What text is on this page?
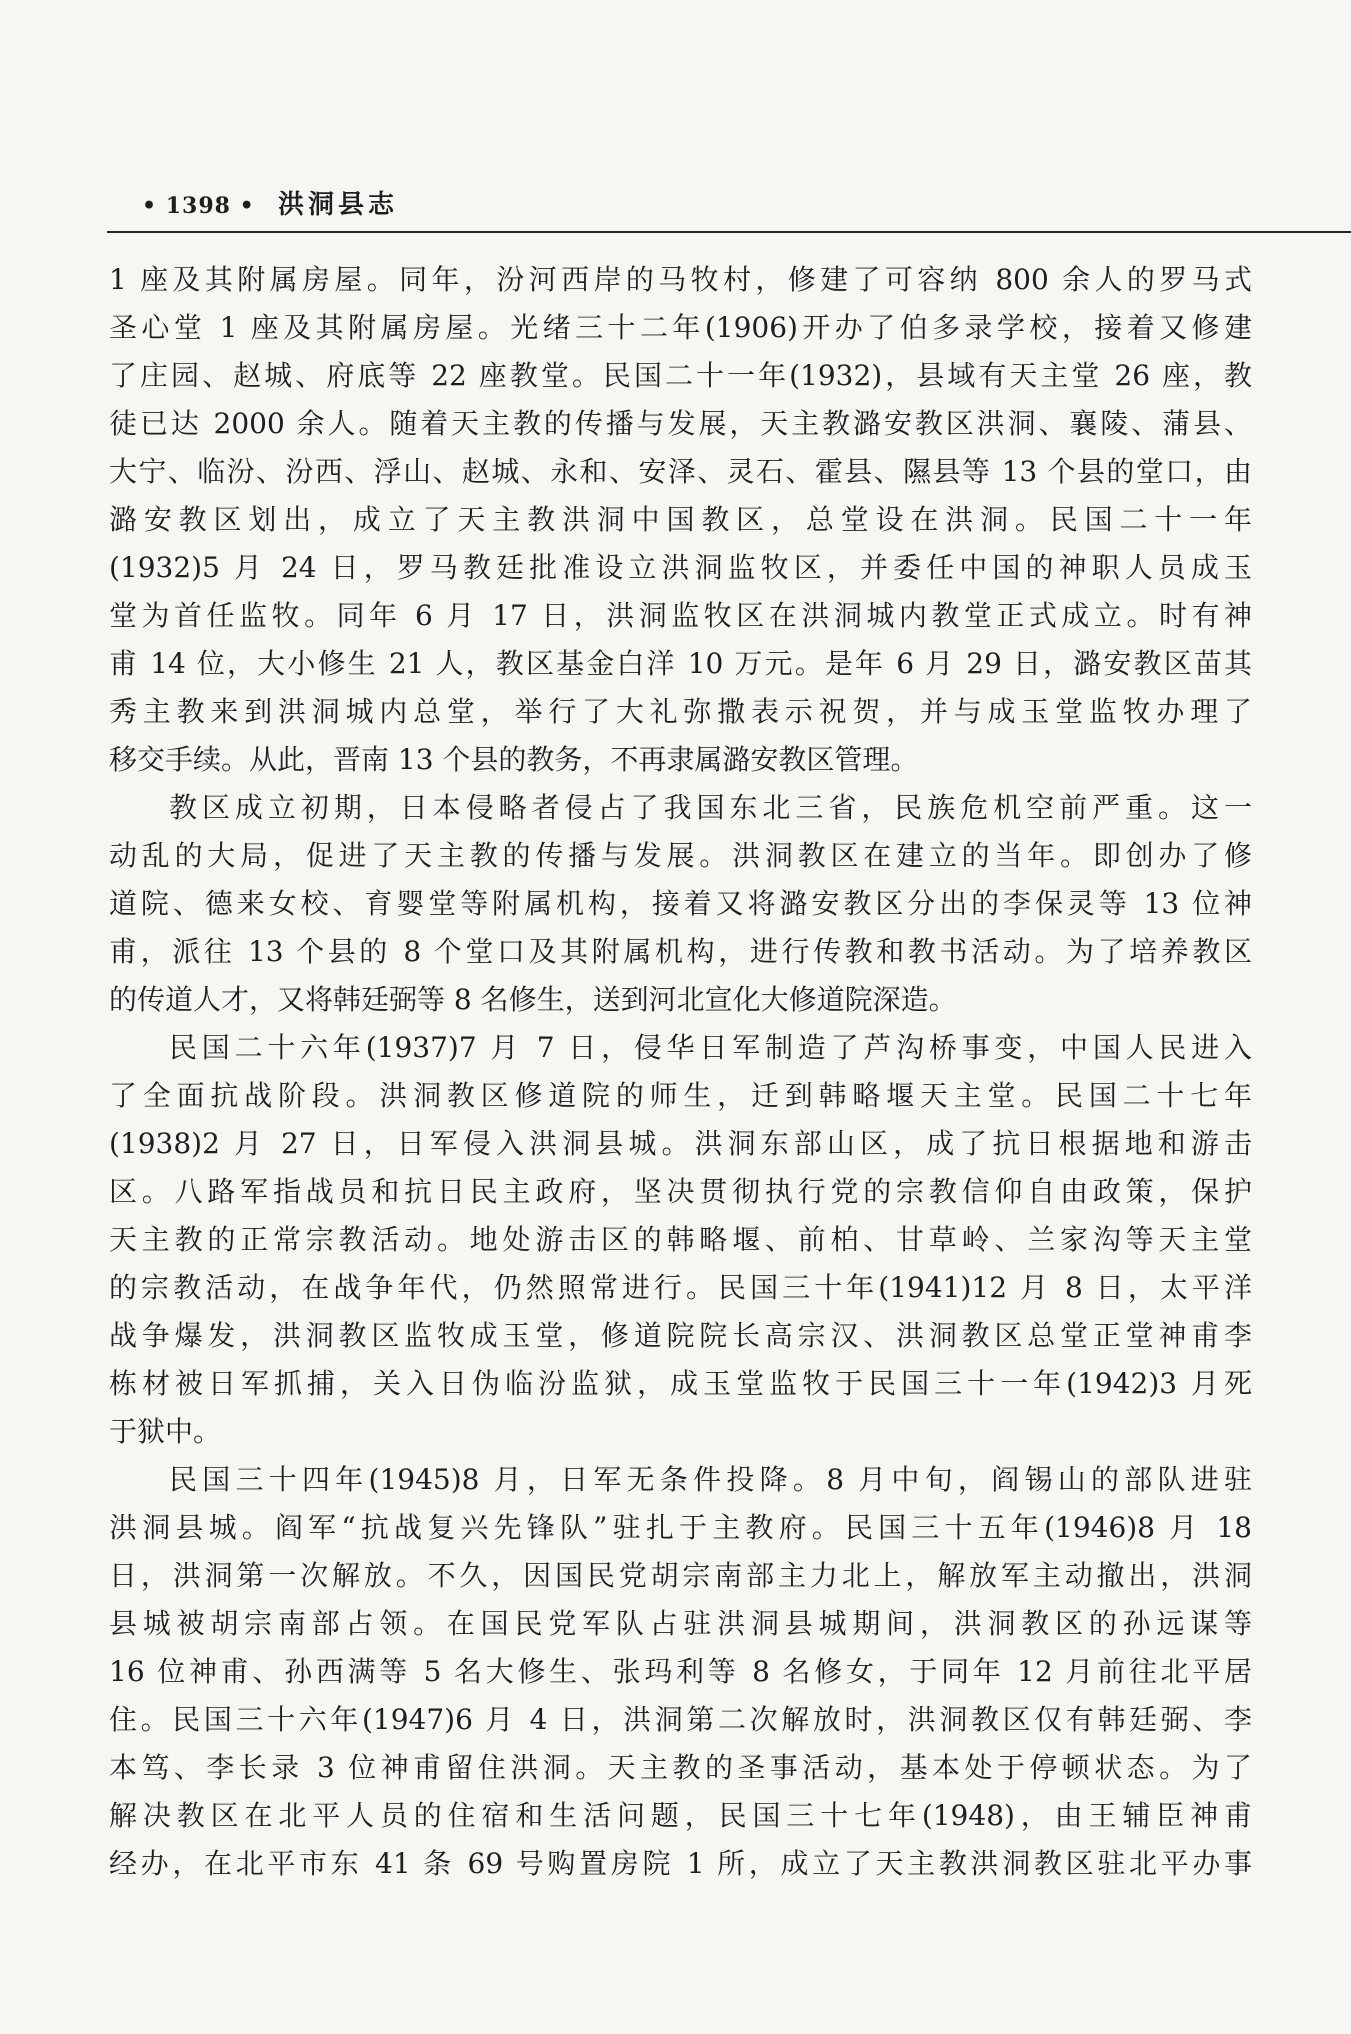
• 1398 • 洪洞县志
1 座及其附属房屋。同年，汾河西岸的马牧村，修建了可容纳 800 余人的罗马式
圣心堂 1 座及其附属房屋。光绪三十二年(1906)开办了伯多录学校，接着又修建
了庄园、赵城、府底等 22 座教堂。民国二十一年(1932)，县域有天主堂 26 座，教
徒已达 2000 余人。随着天主教的传播与发展，天主教潞安教区洪洞、襄陵、蒲县、
大宁、临汾、汾西、浮山、赵城、永和、安泽、灵石、霍县、隰县等 13 个县的堂口，由
潞安教区划出，成立了天主教洪洞中国教区，总堂设在洪洞。民国二十一年
(1932)5 月 24 日，罗马教廷批准设立洪洞监牧区，并委任中国的神职人员成玉
堂为首任监牧。同年 6 月 17 日，洪洞监牧区在洪洞城内教堂正式成立。时有神
甫 14 位，大小修生 21 人，教区基金白洋 10 万元。是年 6 月 29 日，潞安教区苗其
秀主教来到洪洞城内总堂，举行了大礼弥撒表示祝贺，并与成玉堂监牧办理了
移交手续。从此，晋南 13 个县的教务，不再隶属潞安教区管理。
教区成立初期，日本侵略者侵占了我国东北三省，民族危机空前严重。这一
动乱的大局，促进了天主教的传播与发展。洪洞教区在建立的当年。即创办了修
道院、德来女校、育婴堂等附属机构，接着又将潞安教区分出的李保灵等 13 位神
甫，派往 13 个县的 8 个堂口及其附属机构，进行传教和教书活动。为了培养教区
的传道人才，又将韩廷弼等 8 名修生，送到河北宣化大修道院深造。
民国二十六年(1937)7 月 7 日，侵华日军制造了芦沟桥事变，中国人民进入
了全面抗战阶段。洪洞教区修道院的师生，迁到韩略堰天主堂。民国二十七年
(1938)2 月 27 日，日军侵入洪洞县城。洪洞东部山区，成了抗日根据地和游击
区。八路军指战员和抗日民主政府，坚决贯彻执行党的宗教信仰自由政策，保护
天主教的正常宗教活动。地处游击区的韩略堰、前柏、甘草岭、兰家沟等天主堂
的宗教活动，在战争年代，仍然照常进行。民国三十年(1941)12 月 8 日，太平洋
战争爆发，洪洞教区监牧成玉堂，修道院院长高宗汉、洪洞教区总堂正堂神甫李
栋材被日军抓捕，关入日伪临汾监狱，成玉堂监牧于民国三十一年(1942)3 月死
于狱中。
民国三十四年(1945)8 月，日军无条件投降。8 月中旬，阎锡山的部队进驻
洪洞县城。阎军“抗战复兴先锋队”驻扎于主教府。民国三十五年(1946)8 月 18
日，洪洞第一次解放。不久，因国民党胡宗南部主力北上，解放军主动撤出，洪洞
县城被胡宗南部占领。在国民党军队占驻洪洞县城期间，洪洞教区的孙远谋等
16 位神甫、孙西满等 5 名大修生、张玛利等 8 名修女，于同年 12 月前往北平居
住。民国三十六年(1947)6 月 4 日，洪洞第二次解放时，洪洞教区仅有韩廷弼、李
本笃、李长录 3 位神甫留住洪洞。天主教的圣事活动，基本处于停顿状态。为了
解决教区在北平人员的住宿和生活问题，民国三十七年(1948)，由王辅臣神甫
经办，在北平市东 41 条 69 号购置房院 1 所，成立了天主教洪洞教区驻北平办事
